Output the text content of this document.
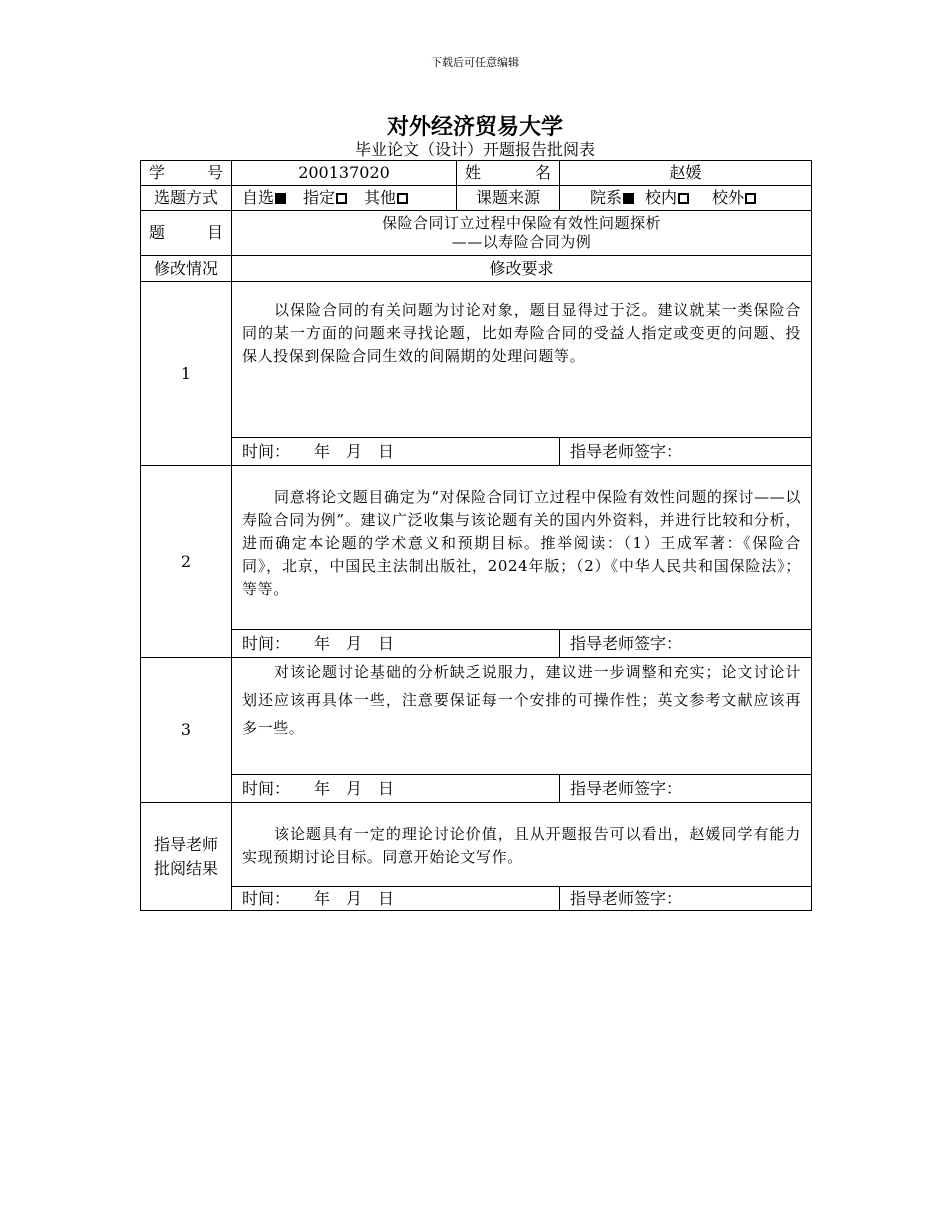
下载后可任意编辑
对外经济贸易大学
毕业论文（设计）开题报告批阅表
学　号	200137020	姓　名	赵媛
选题方式	自选 指定 其他	课题来源	院系 校内 校外
题　目	保险合同订立过程中保险有效性问题探析
——以寿险合同为例		

修改情况	修改要求		
1	以保险合同的有关问题为讨论对象，题目显得过于泛。建议就某一类保险合同的某一方面的问题来寻找论题，比如寿险合同的受益人指定或变更的问题、投保人投保到保险合同生效的间隔期的处理问题等。		

	时间：　　年　月　日		指导老师签字：
2	同意将论文题目确定为“对保险合同订立过程中保险有效性问题的探讨——以寿险合同为例”。建议广泛收集与该论题有关的国内外资料，并进行比较和分析，进而确定本论题的学术意义和预期目标。推举阅读：（1）王成军著：《保险合同》，北京，中国民主法制出版社，2024年版；（2）《中华人民共和国保险法》；等等。		

	时间：　　年　月　日		指导老师签字：
3	对该论题讨论基础的分析缺乏说服力，建议进一步调整和充实；论文讨论计划还应该再具体一些，注意要保证每一个安排的可操作性；英文参考文献应该再多一些。		

	时间：　　年　月　日		指导老师签字：

指导老师
批阅结果	该论题具有一定的理论讨论价值，且从开题报告可以看出，赵媛同学有能力实现预期讨论目标。同意开始论文写作。		

	时间：　　年　月　日		指导老师签字：
